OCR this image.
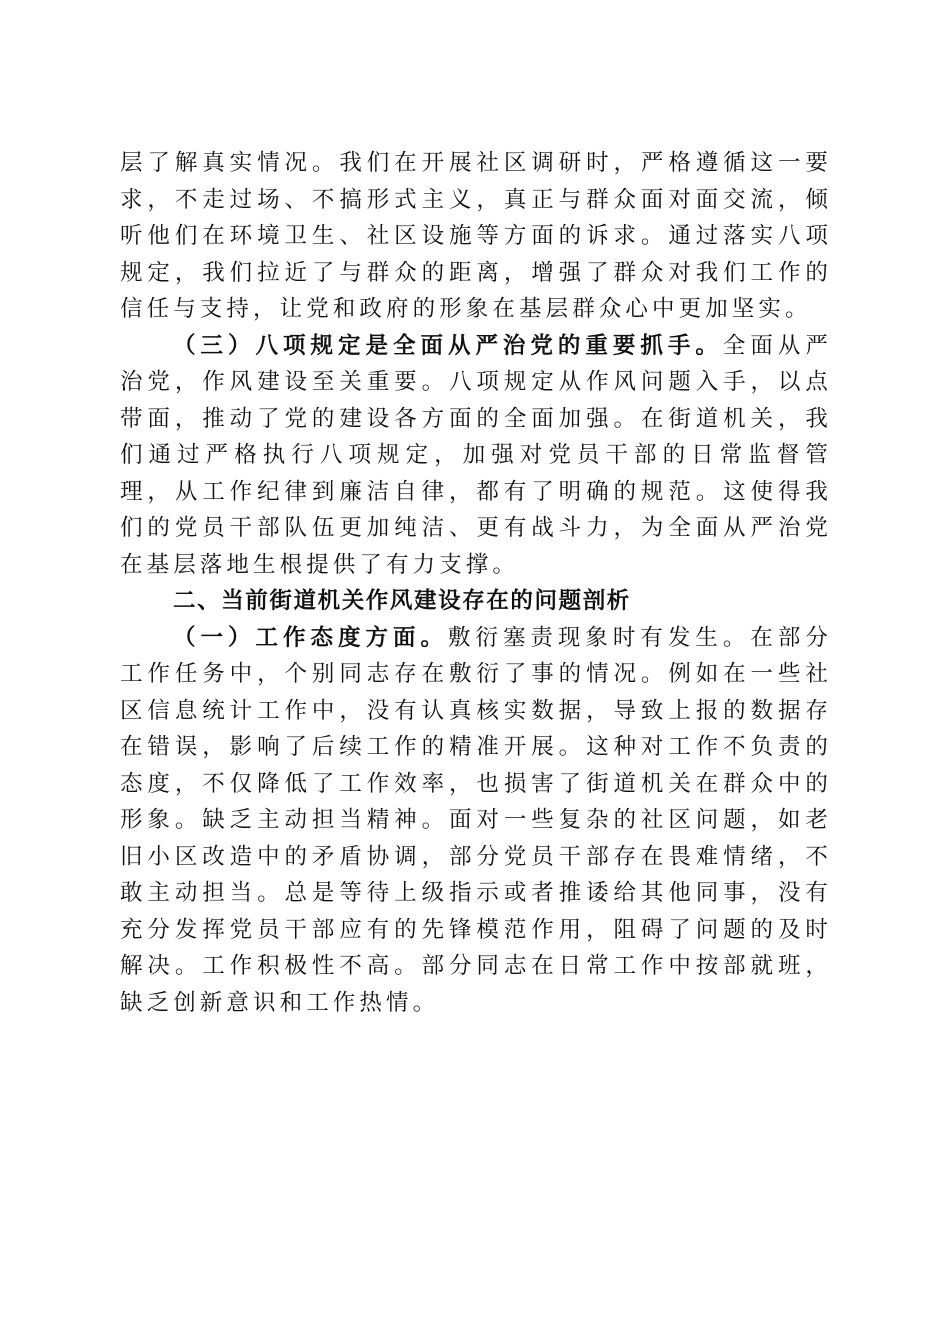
层了解真实情况。我们在开展社区调研时，严格遵循这一要求，不走过场、不搞形式主义，真正与群众面对面交流，倾听他们在环境卫生、社区设施等方面的诉求。通过落实八项规定，我们拉近了与群众的距离，增强了群众对我们工作的信任与支持，让党和政府的形象在基层群众心中更加坚实。

（三）八项规定是全面从严治党的重要抓手。全面从严治党，作风建设至关重要。八项规定从作风问题入手，以点带面，推动了党的建设各方面的全面加强。在街道机关，我们通过严格执行八项规定，加强对党员干部的日常监督管理，从工作纪律到廉洁自律，都有了明确的规范。这使得我们的党员干部队伍更加纯洁、更有战斗力，为全面从严治党在基层落地生根提供了有力支撑。

二、当前街道机关作风建设存在的问题剖析

（一）工作态度方面。敷衍塞责现象时有发生。在部分工作任务中，个别同志存在敷衍了事的情况。例如在一些社区信息统计工作中，没有认真核实数据，导致上报的数据存在错误，影响了后续工作的精准开展。这种对工作不负责的态度，不仅降低了工作效率，也损害了街道机关在群众中的形象。缺乏主动担当精神。面对一些复杂的社区问题，如老旧小区改造中的矛盾协调，部分党员干部存在畏难情绪，不敢主动担当。总是等待上级指示或者推诿给其他同事，没有充分发挥党员干部应有的先锋模范作用，阻碍了问题的及时解决。工作积极性不高。部分同志在日常工作中按部就班，缺乏创新意识和工作热情。
